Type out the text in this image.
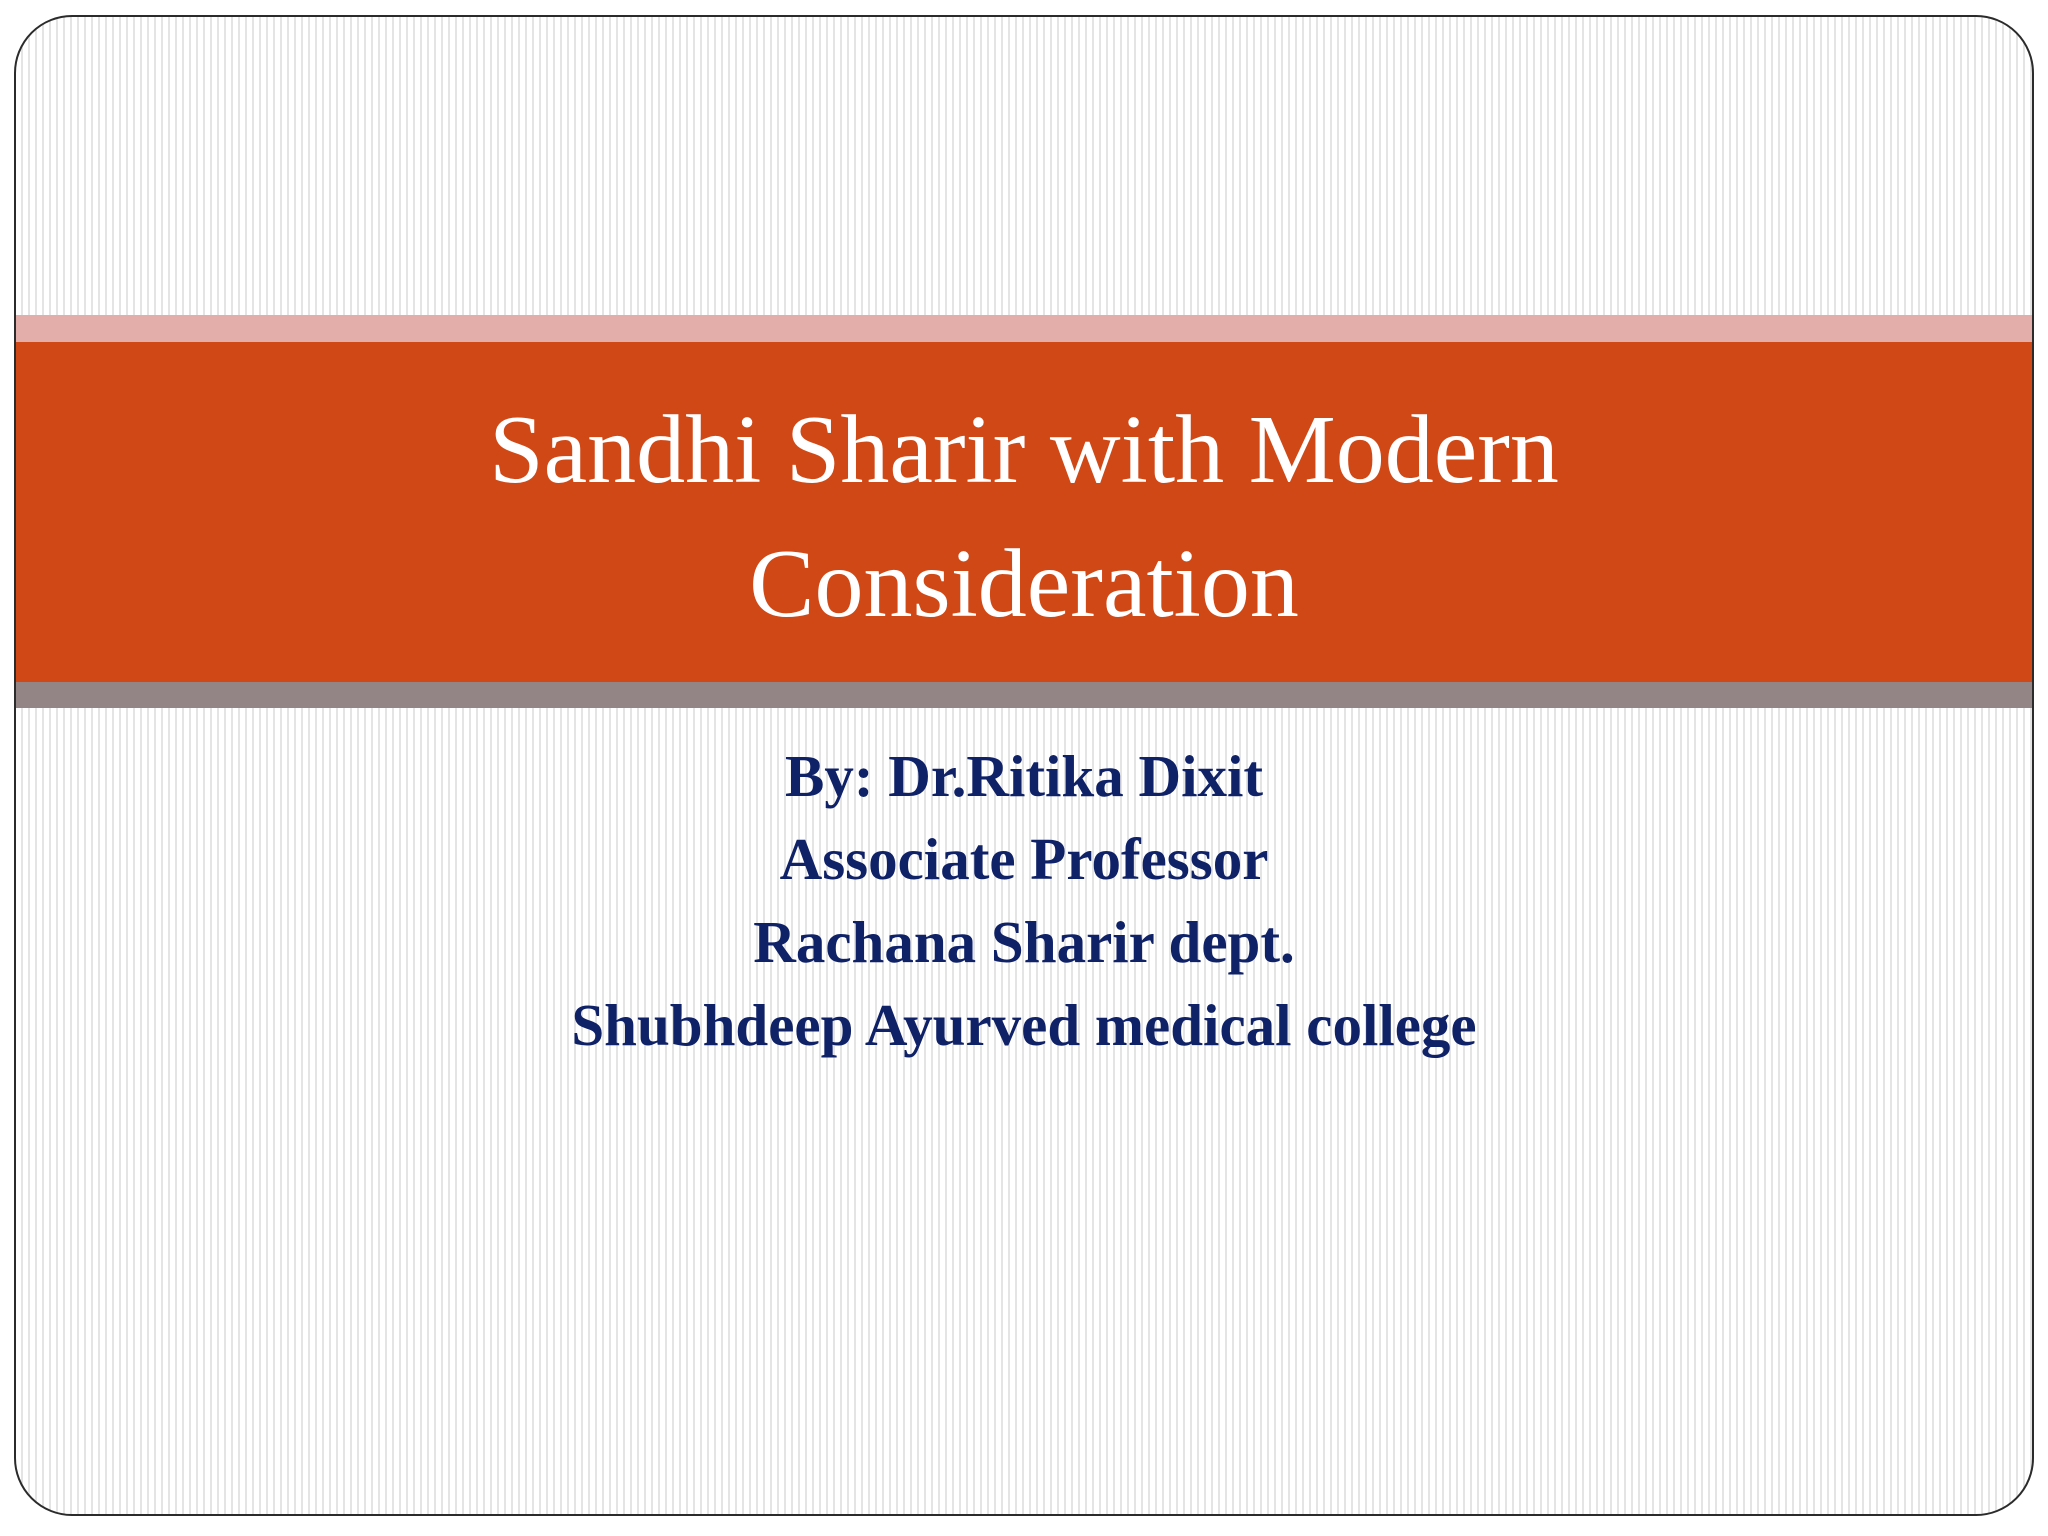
Sandhi Sharir with Modern
Consideration
By: Dr.Ritika Dixit
Associate Professor
Rachana Sharir dept.
Shubhdeep Ayurved medical college
